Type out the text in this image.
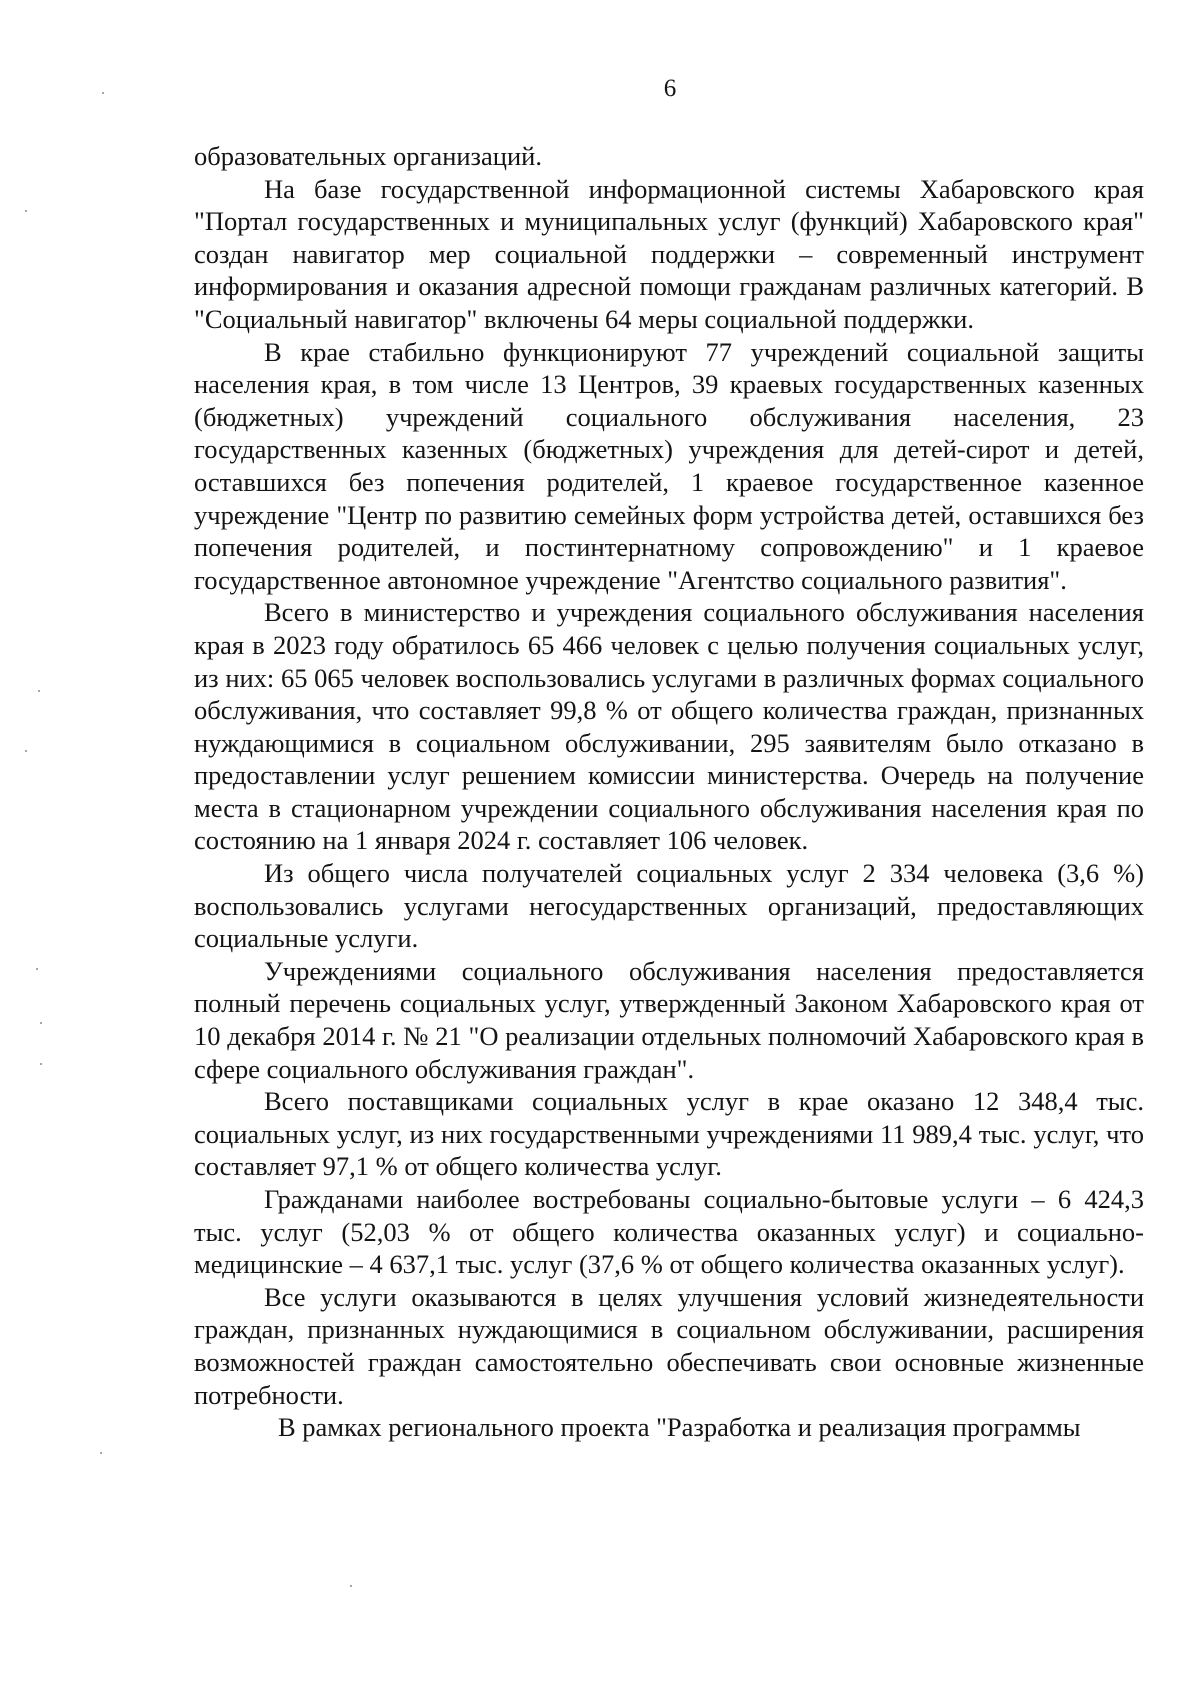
6

образовательных организаций.

На базе государственной информационной системы Хабаровского края "Портал государственных и муниципальных услуг (функций) Хабаровского края" создан навигатор мер социальной поддержки – современный инструмент информирования и оказания адресной помощи гражданам различных категорий. В "Социальный навигатор" включены 64 меры социальной поддержки.

В крае стабильно функционируют 77 учреждений социальной защиты населения края, в том числе 13 Центров, 39 краевых государственных казенных (бюджетных) учреждений социального обслуживания населения, 23 государственных казенных (бюджетных) учреждения для детей-сирот и детей, оставшихся без попечения родителей, 1 краевое государственное казенное учреждение "Центр по развитию семейных форм устройства детей, оставшихся без попечения родителей, и постинтернатному сопровождению" и 1 краевое государственное автономное учреждение "Агентство социального развития".

Всего в министерство и учреждения социального обслуживания населения края в 2023 году обратилось 65 466 человек с целью получения социальных услуг, из них: 65 065 человек воспользовались услугами в различных формах социального обслуживания, что составляет 99,8 % от общего количества граждан, признанных нуждающимися в социальном обслуживании, 295 заявителям было отказано в предоставлении услуг решением комиссии министерства. Очередь на получение места в стационарном учреждении социального обслуживания населения края по состоянию на 1 января 2024 г. составляет 106 человек.

Из общего числа получателей социальных услуг 2 334 человека (3,6 %) воспользовались услугами негосударственных организаций, предоставляющих социальные услуги.

Учреждениями социального обслуживания населения предоставляется полный перечень социальных услуг, утвержденный Законом Хабаровского края от 10 декабря 2014 г. № 21 "О реализации отдельных полномочий Хабаровского края в сфере социального обслуживания граждан".

Всего поставщиками социальных услуг в крае оказано 12 348,4 тыс. социальных услуг, из них государственными учреждениями 11 989,4 тыс. услуг, что составляет 97,1 % от общего количества услуг.

Гражданами наиболее востребованы социально-бытовые услуги – 6 424,3 тыс. услуг (52,03 % от общего количества оказанных услуг) и социально-медицинские – 4 637,1 тыс. услуг (37,6 % от общего количества оказанных услуг).

Все услуги оказываются в целях улучшения условий жизнедеятельности граждан, признанных нуждающимися в социальном обслуживании, расширения возможностей граждан самостоятельно обеспечивать свои основные жизненные потребности.

В рамках регионального проекта "Разработка и реализация программы
